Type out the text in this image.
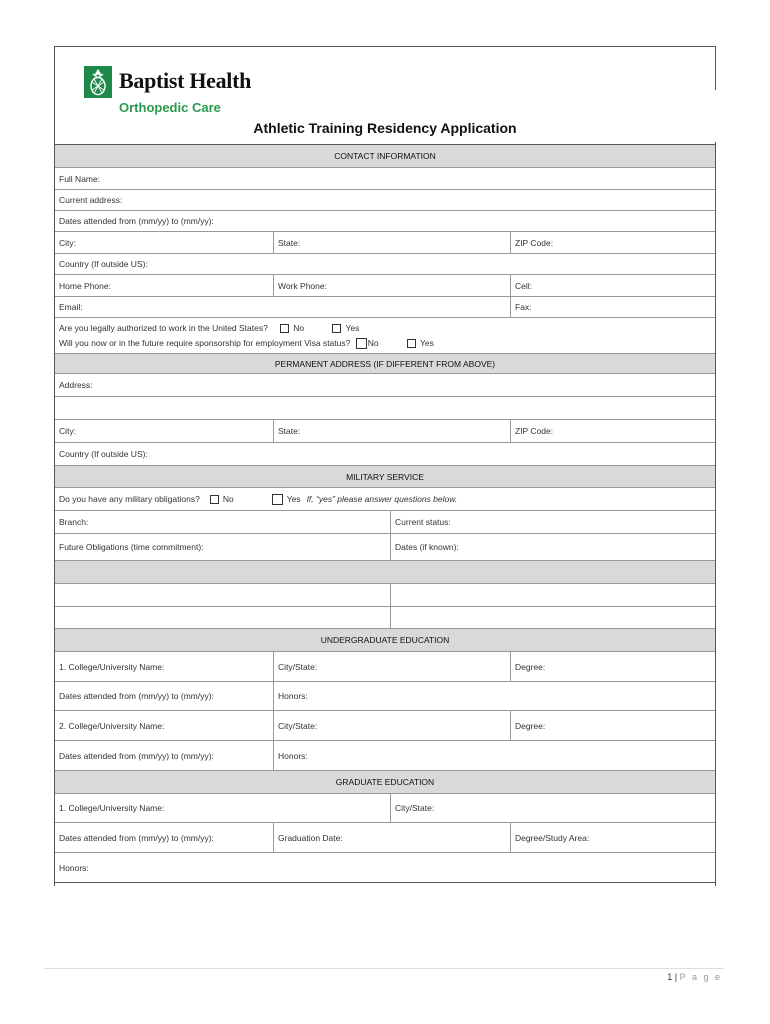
Baptist Health
Orthopedic Care
Athletic Training Residency Application
CONTACT INFORMATION
Full Name:
Current address:
Dates attended from (mm/yy) to (mm/yy):
City:	State:	ZIP Code:
Country (If outside US):
Home Phone:	Work Phone:	Cell:
Email:	Fax:
Are you legally authorized to work in the United States?	No	Yes
Will you now or in the future require sponsorship for employment Visa status? No	Yes
PERMANENT ADDRESS (IF DIFFERENT FROM ABOVE)
Address:
City:	State:	ZIP Code:
Country (If outside US):
MILITARY SERVICE
Do you have any military obligations?	No	Yes If, “yes” please answer questions below.
Branch:	Current status:
Future Obligations (time commitment):	Dates (if known):
UNDERGRADUATE EDUCATION
1. College/University Name:	City/State:	Degree:
Dates attended from (mm/yy) to (mm/yy):	Honors:
2. College/University Name:	City/State:	Degree:
Dates attended from (mm/yy) to (mm/yy):	Honors:
GRADUATE EDUCATION
1. College/University Name:	City/State:
Dates attended from (mm/yy) to (mm/yy):	Graduation Date:	Degree/Study Area:
Honors:
1 | P a g e
